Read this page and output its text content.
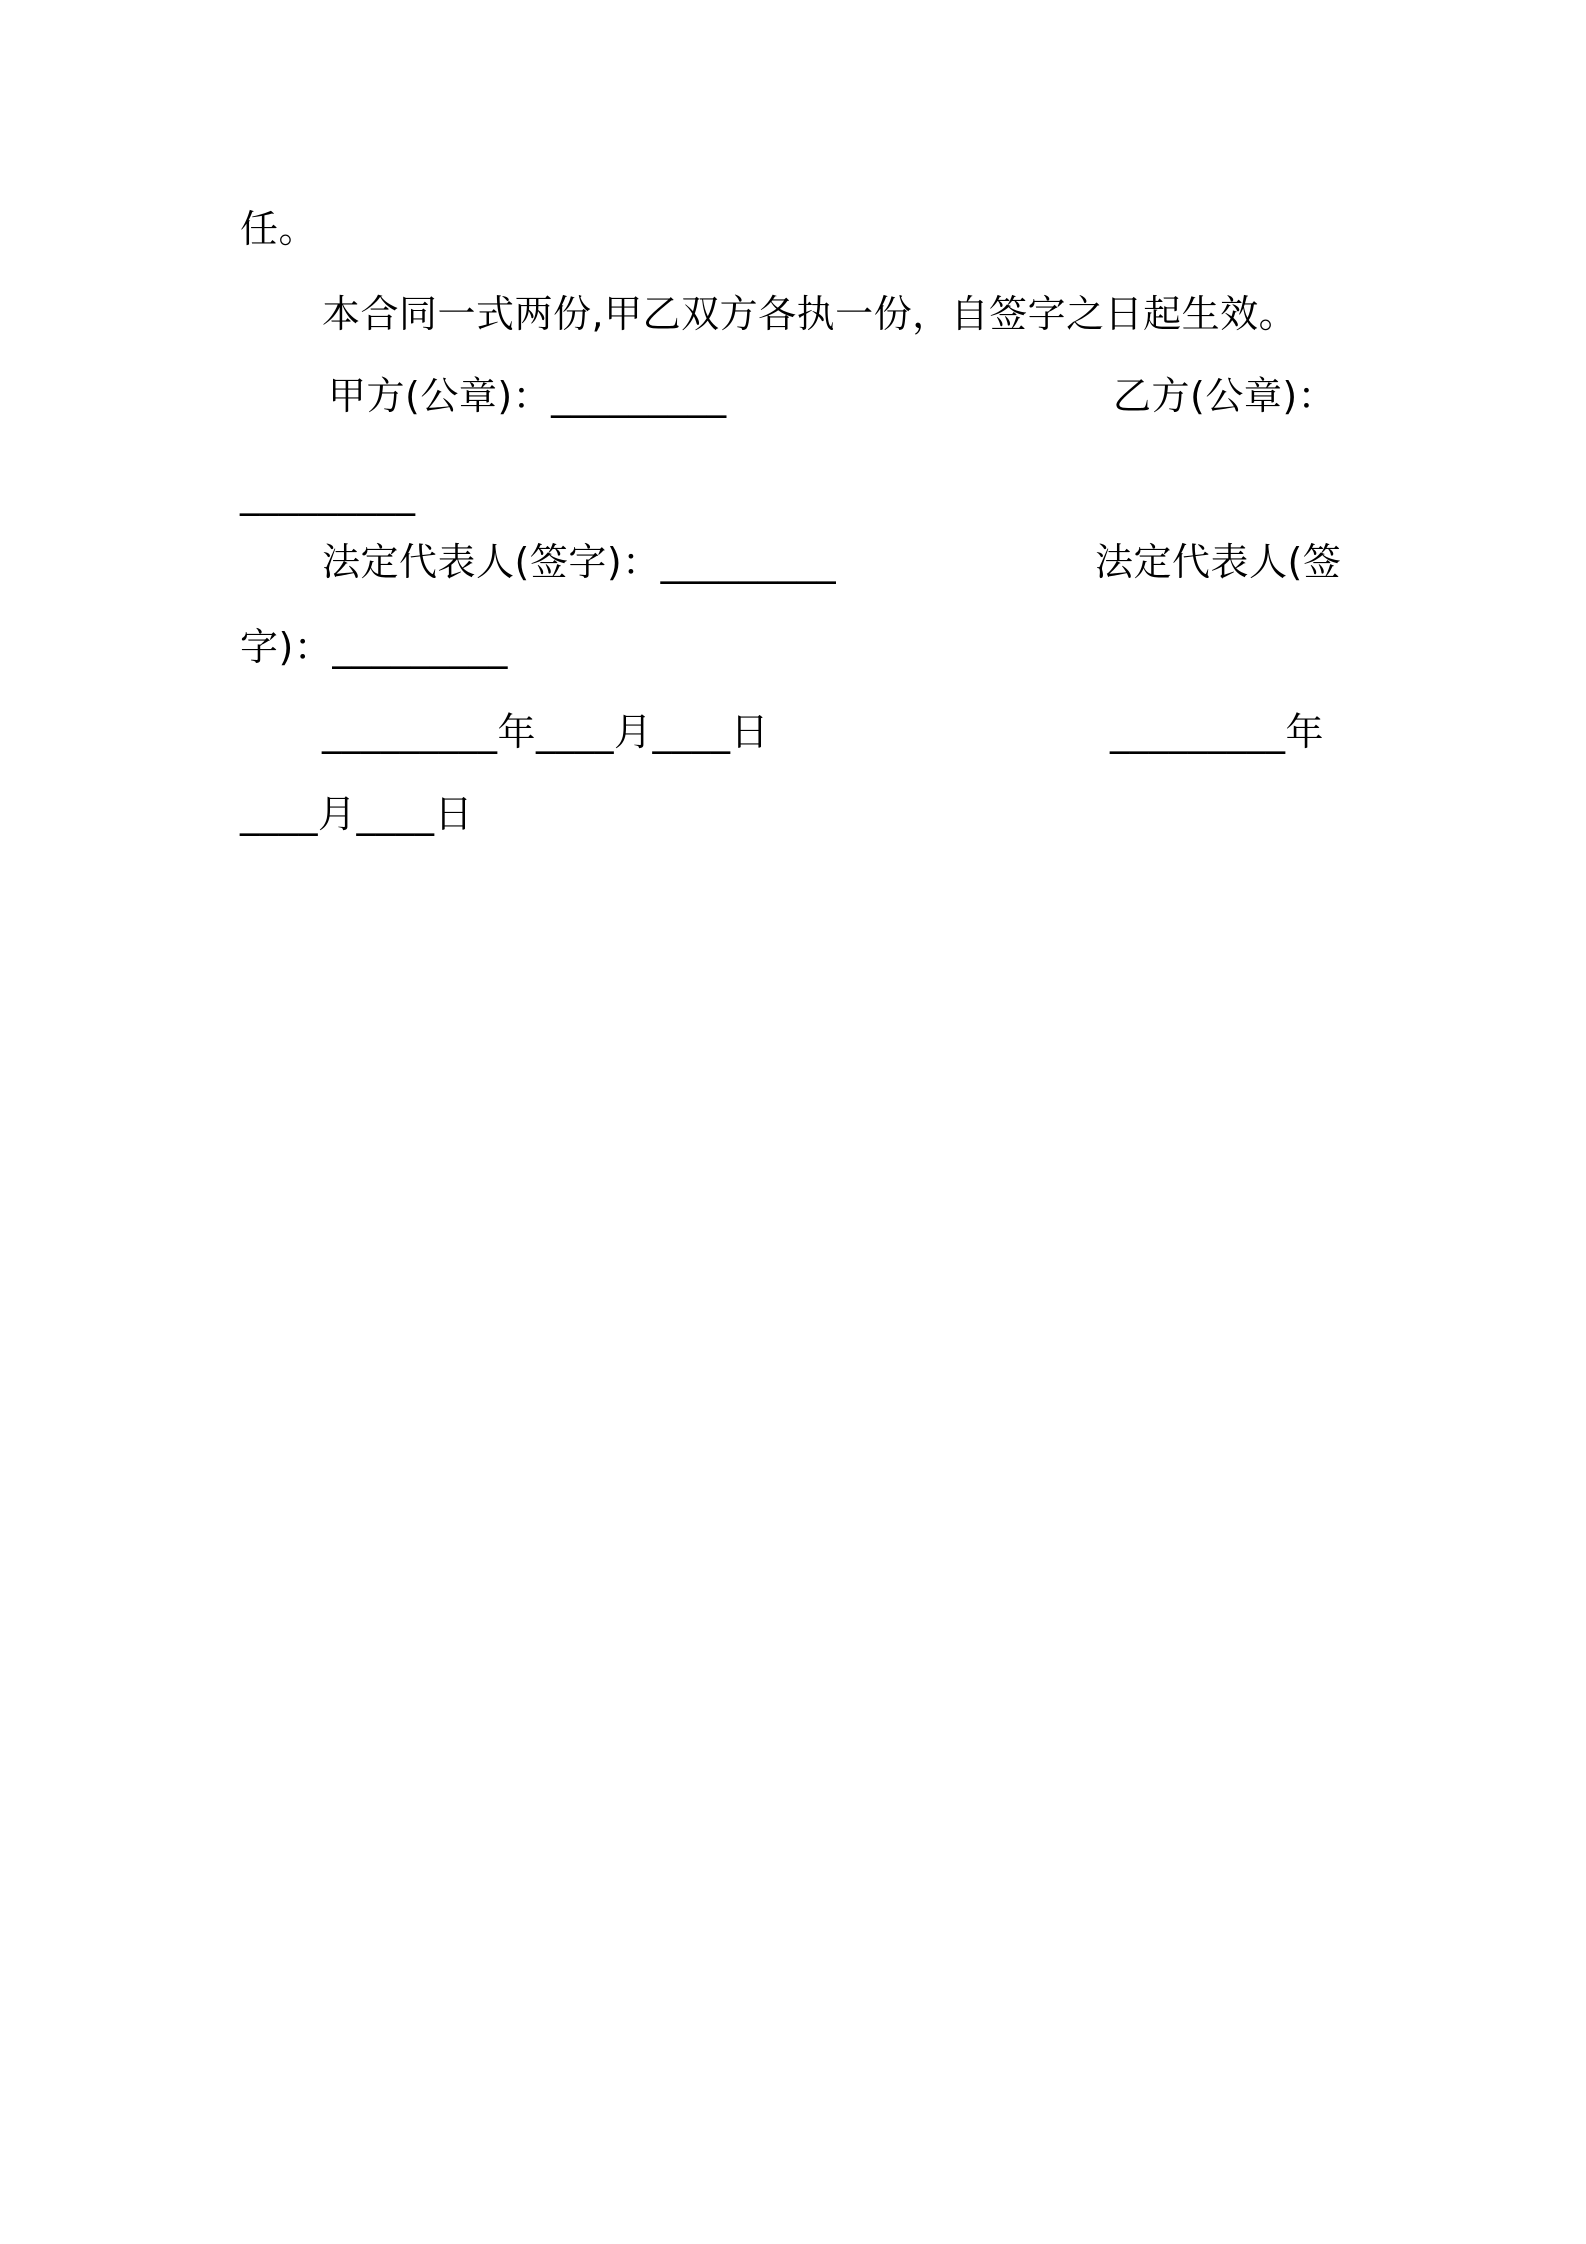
任。
本合同一式两份,甲乙双方各执一份，自签字之日起生效。
甲方(公章)：_________	乙方(公章)：
_________
法定代表人(签字)：_________	法定代表人(签
字)：_________
_________年____月____日	_________年
____月____日
